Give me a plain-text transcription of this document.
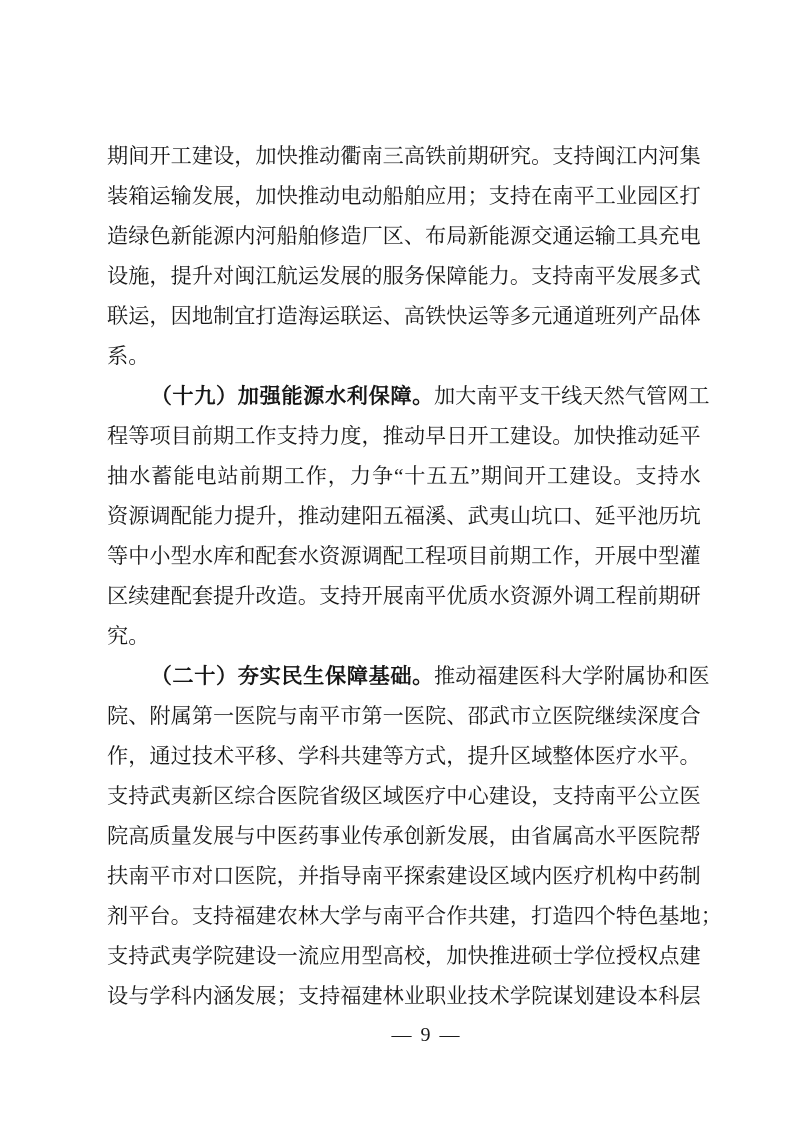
期 间 开 工 建 设 ， 加 快 推 动 衢 南 三 高 铁 前 期 研 究 。 支 持 闽 江 内 河 集
装 箱 运 输 发 展 ， 加 快 推 动 电 动 船 舶 应 用 ； 支 持 在 南 平 工 业 园 区 打
造 绿 色 新 能 源 内 河 船 舶 修 造 厂 区 、 布 局 新 能 源 交 通 运 输 工 具 充 电
设 施 ， 提 升 对 闽 江 航 运 发 展 的 服 务 保 障 能 力 。 支 持 南 平 发 展 多 式
联 运 ， 因 地 制 宜 打 造 海 运 联 运 、 高 铁 快 运 等 多 元 通 道 班 列 产 品 体
系 。

（ 十 九 ） 加 强 能 源 水 利 保 障 。 加 大 南 平 支 干 线 天 然 气 管 网 工
程 等 项 目 前 期 工 作 支 持 力 度 ， 推 动 早 日 开 工 建 设 。 加 快 推 动 延 平
抽 水 蓄 能 电 站 前 期 工 作 ， 力 争 “ 十 五 五 ” 期 间 开 工 建 设 。 支 持 水
资 源 调 配 能 力 提 升 ， 推 动 建 阳 五 福 溪 、 武 夷 山 坑 口 、 延 平 池 历 坑
等 中 小 型 水 库 和 配 套 水 资 源 调 配 工 程 项 目 前 期 工 作 ， 开 展 中 型 灌
区 续 建 配 套 提 升 改 造 。 支 持 开 展 南 平 优 质 水 资 源 外 调 工 程 前 期 研
究 。

（ 二 十 ） 夯 实 民 生 保 障 基 础 。 推 动 福 建 医 科 大 学 附 属 协 和 医
院 、 附 属 第 一 医 院 与 南 平 市 第 一 医 院 、 邵 武 市 立 医 院 继 续 深 度 合
作 ， 通 过 技 术 平 移 、 学 科 共 建 等 方 式 ， 提 升 区 域 整 体 医 疗 水 平 。
支 持 武 夷 新 区 综 合 医 院 省 级 区 域 医 疗 中 心 建 设 ， 支 持 南 平 公 立 医
院 高 质 量 发 展 与 中 医 药 事 业 传 承 创 新 发 展 ， 由 省 属 高 水 平 医 院 帮
扶 南 平 市 对 口 医 院 ， 并 指 导 南 平 探 索 建 设 区 域 内 医 疗 机 构 中 药 制
剂 平 台 。 支 持 福 建 农 林 大 学 与 南 平 合 作 共 建 ， 打 造 四 个 特 色 基 地 ；
支 持 武 夷 学 院 建 设 一 流 应 用 型 高 校 ， 加 快 推 进 硕 士 学 位 授 权 点 建
设 与 学 科 内 涵 发 展 ； 支 持 福 建 林 业 职 业 技 术 学 院 谋 划 建 设 本 科 层
— 9 —
